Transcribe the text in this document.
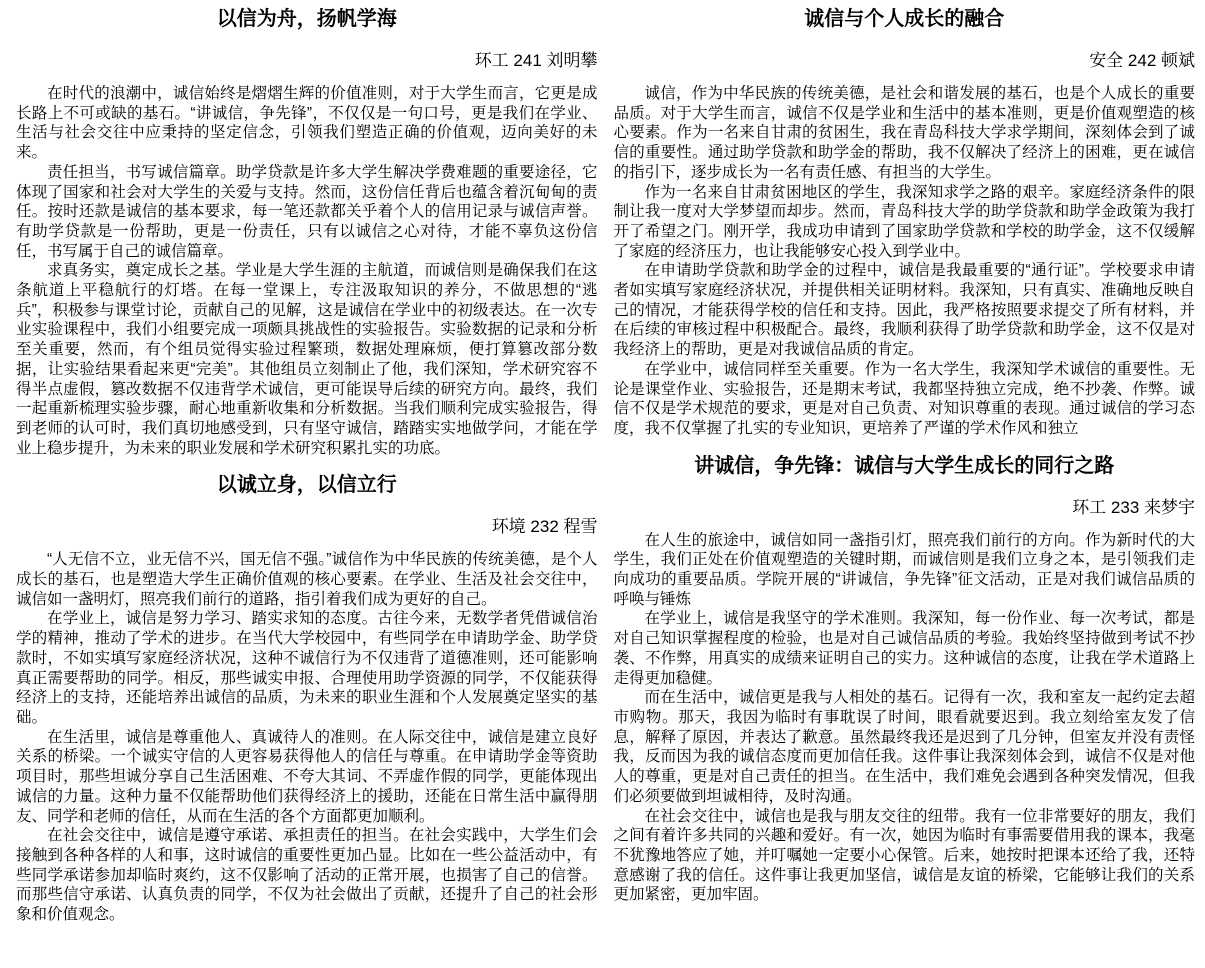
以信为舟，扬帆学海
环工 241 刘明攀

在时代的浪潮中，诚信始终是熠熠生辉的价值准则，对于大学生而言，它更是成长路上不可或缺的基石。“讲诚信，争先锋”，不仅仅是一句口号，更是我们在学业、生活与社会交往中应秉持的坚定信念，引领我们塑造正确的价值观，迈向美好的未来。

责任担当，书写诚信篇章。助学贷款是许多大学生解决学费难题的重要途径，它体现了国家和社会对大学生的关爱与支持。然而，这份信任背后也蕴含着沉甸甸的责任。按时还款是诚信的基本要求，每一笔还款都关乎着个人的信用记录与诚信声誉。有助学贷款是一份帮助，更是一份责任，只有以诚信之心对待，才能不辜负这份信任，书写属于自己的诚信篇章。

求真务实，奠定成长之基。学业是大学生涯的主航道，而诚信则是确保我们在这条航道上平稳航行的灯塔。在每一堂课上，专注汲取知识的养分，不做思想的“逃兵”，积极参与课堂讨论，贡献自己的见解，这是诚信在学业中的初级表达。在一次专业实验课程中，我们小组要完成一项颇具挑战性的实验报告。实验数据的记录和分析至关重要，然而，有个组员觉得实验过程繁琐，数据处理麻烦，便打算篡改部分数据，让实验结果看起来更“完美”。其他组员立刻制止了他，我们深知，学术研究容不得半点虚假，篡改数据不仅违背学术诚信，更可能误导后续的研究方向。最终，我们一起重新梳理实验步骤，耐心地重新收集和分析数据。当我们顺利完成实验报告，得到老师的认可时，我们真切地感受到，只有坚守诚信，踏踏实实地做学问，才能在学业上稳步提升，为未来的职业发展和学术研究积累扎实的功底。

以诚立身，以信立行
环境 232 程雪

“人无信不立，业无信不兴，国无信不强。”诚信作为中华民族的传统美德，是个人成长的基石，也是塑造大学生正确价值观的核心要素。在学业、生活及社会交往中，诚信如一盏明灯，照亮我们前行的道路，指引着我们成为更好的自己。

在学业上，诚信是努力学习、踏实求知的态度。古往今来，无数学者凭借诚信治学的精神，推动了学术的进步。在当代大学校园中，有些同学在申请助学金、助学贷款时，不如实填写家庭经济状况，这种不诚信行为不仅违背了道德准则，还可能影响真正需要帮助的同学。相反，那些诚实申报、合理使用助学资源的同学，不仅能获得经济上的支持，还能培养出诚信的品质，为未来的职业生涯和个人发展奠定坚实的基础。

在生活里，诚信是尊重他人、真诚待人的准则。在人际交往中，诚信是建立良好关系的桥梁。一个诚实守信的人更容易获得他人的信任与尊重。在申请助学金等资助项目时，那些坦诚分享自己生活困难、不夸大其词、不弄虚作假的同学，更能体现出诚信的力量。这种力量不仅能帮助他们获得经济上的援助，还能在日常生活中赢得朋友、同学和老师的信任，从而在生活的各个方面都更加顺利。

在社会交往中，诚信是遵守承诺、承担责任的担当。在社会实践中，大学生们会接触到各种各样的人和事，这时诚信的重要性更加凸显。比如在一些公益活动中，有些同学承诺参加却临时爽约，这不仅影响了活动的正常开展，也损害了自己的信誉。而那些信守承诺、认真负责的同学，不仅为社会做出了贡献，还提升了自己的社会形象和价值观念。

诚信与个人成长的融合
安全 242 顿斌

诚信，作为中华民族的传统美德，是社会和谐发展的基石，也是个人成长的重要品质。对于大学生而言，诚信不仅是学业和生活中的基本准则，更是价值观塑造的核心要素。作为一名来自甘肃的贫困生，我在青岛科技大学求学期间，深刻体会到了诚信的重要性。通过助学贷款和助学金的帮助，我不仅解决了经济上的困难，更在诚信的指引下，逐步成长为一名有责任感、有担当的大学生。

作为一名来自甘肃贫困地区的学生，我深知求学之路的艰辛。家庭经济条件的限制让我一度对大学梦望而却步。然而，青岛科技大学的助学贷款和助学金政策为我打开了希望之门。刚开学，我成功申请到了国家助学贷款和学校的助学金，这不仅缓解了家庭的经济压力，也让我能够安心投入到学业中。

在申请助学贷款和助学金的过程中，诚信是我最重要的“通行证”。学校要求申请者如实填写家庭经济状况，并提供相关证明材料。我深知，只有真实、准确地反映自己的情况，才能获得学校的信任和支持。因此，我严格按照要求提交了所有材料，并在后续的审核过程中积极配合。最终，我顺利获得了助学贷款和助学金，这不仅是对我经济上的帮助，更是对我诚信品质的肯定。

在学业中，诚信同样至关重要。作为一名大学生，我深知学术诚信的重要性。无论是课堂作业、实验报告，还是期末考试，我都坚持独立完成，绝不抄袭、作弊。诚信不仅是学术规范的要求，更是对自己负责、对知识尊重的表现。通过诚信的学习态度，我不仅掌握了扎实的专业知识，更培养了严谨的学术作风和独立

讲诚信，争先锋：诚信与大学生成长的同行之路
环工 233 来梦宇

在人生的旅途中，诚信如同一盏指引灯，照亮我们前行的方向。作为新时代的大学生，我们正处在价值观塑造的关键时期，而诚信则是我们立身之本，是引领我们走向成功的重要品质。学院开展的“讲诚信，争先锋”征文活动，正是对我们诚信品质的呼唤与锤炼

在学业上，诚信是我坚守的学术准则。我深知，每一份作业、每一次考试，都是对自己知识掌握程度的检验，也是对自己诚信品质的考验。我始终坚持做到考试不抄袭、不作弊，用真实的成绩来证明自己的实力。这种诚信的态度，让我在学术道路上走得更加稳健。

而在生活中，诚信更是我与人相处的基石。记得有一次，我和室友一起约定去超市购物。那天，我因为临时有事耽误了时间，眼看就要迟到。我立刻给室友发了信息，解释了原因，并表达了歉意。虽然最终我还是迟到了几分钟，但室友并没有责怪我，反而因为我的诚信态度而更加信任我。这件事让我深刻体会到，诚信不仅是对他人的尊重，更是对自己责任的担当。在生活中，我们难免会遇到各种突发情况，但我们必须要做到坦诚相待，及时沟通。

在社会交往中，诚信也是我与朋友交往的纽带。我有一位非常要好的朋友，我们之间有着许多共同的兴趣和爱好。有一次，她因为临时有事需要借用我的课本，我毫不犹豫地答应了她，并叮嘱她一定要小心保管。后来，她按时把课本还给了我，还特意感谢了我的信任。这件事让我更加坚信，诚信是友谊的桥梁，它能够让我们的关系更加紧密，更加牢固。
